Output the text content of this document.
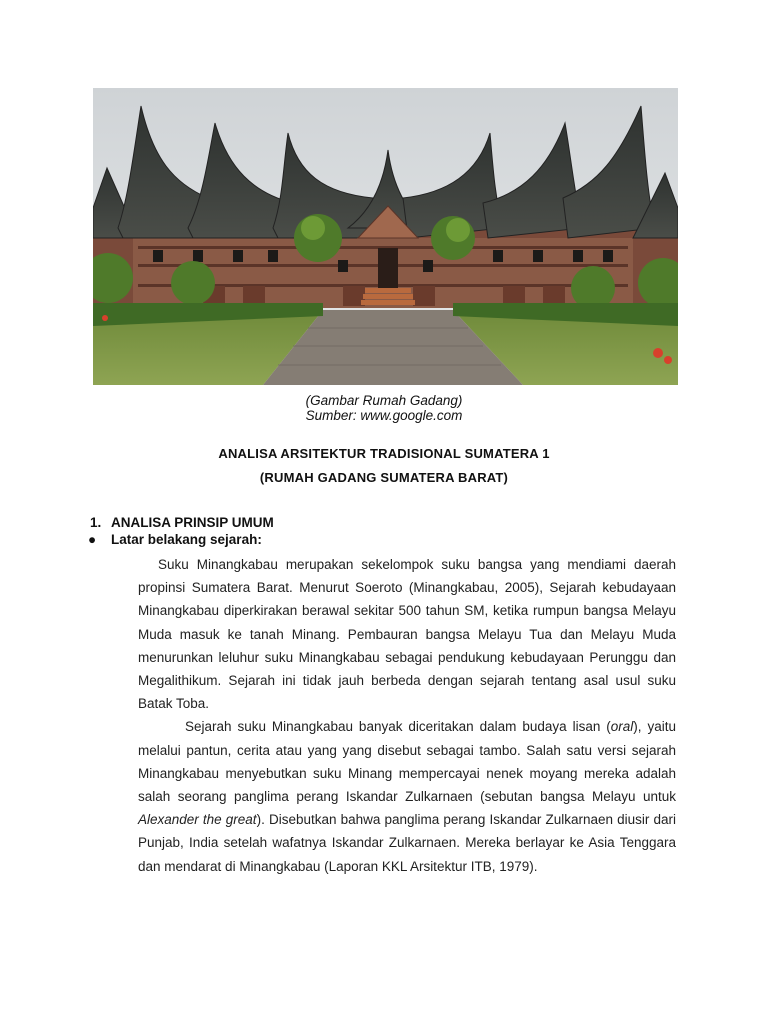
(Gambar Rumah Gadang)
Sumber: www.google.com
ANALISA ARSITEKTUR TRADISIONAL SUMATERA 1
(RUMAH GADANG SUMATERA BARAT)
1. ANALISA PRINSIP UMUM
● Latar belakang sejarah:

Suku Minangkabau merupakan sekelompok suku bangsa yang mendiami daerah propinsi Sumatera Barat. Menurut Soeroto (Minangkabau, 2005), Sejarah kebudayaan Minangkabau diperkirakan berawal sekitar 500 tahun SM, ketika rumpun bangsa Melayu Muda masuk ke tanah Minang. Pembauran bangsa Melayu Tua dan Melayu Muda menurunkan leluhur suku Minangkabau sebagai pendukung kebudayaan Perunggu dan Megalithikum. Sejarah ini tidak jauh berbeda dengan sejarah tentang asal usul suku Batak Toba.

Sejarah suku Minangkabau banyak diceritakan dalam budaya lisan (oral), yaitu melalui pantun, cerita atau yang yang disebut sebagai tambo. Salah satu versi sejarah Minangkabau menyebutkan suku Minang mempercayai nenek moyang mereka adalah salah seorang panglima perang Iskandar Zulkarnaen (sebutan bangsa Melayu untuk Alexander the great). Disebutkan bahwa panglima perang Iskandar Zulkarnaen diusir dari Punjab, India setelah wafatnya Iskandar Zulkarnaen. Mereka berlayar ke Asia Tenggara dan mendarat di Minangkabau (Laporan KKL Arsitektur ITB, 1979).
